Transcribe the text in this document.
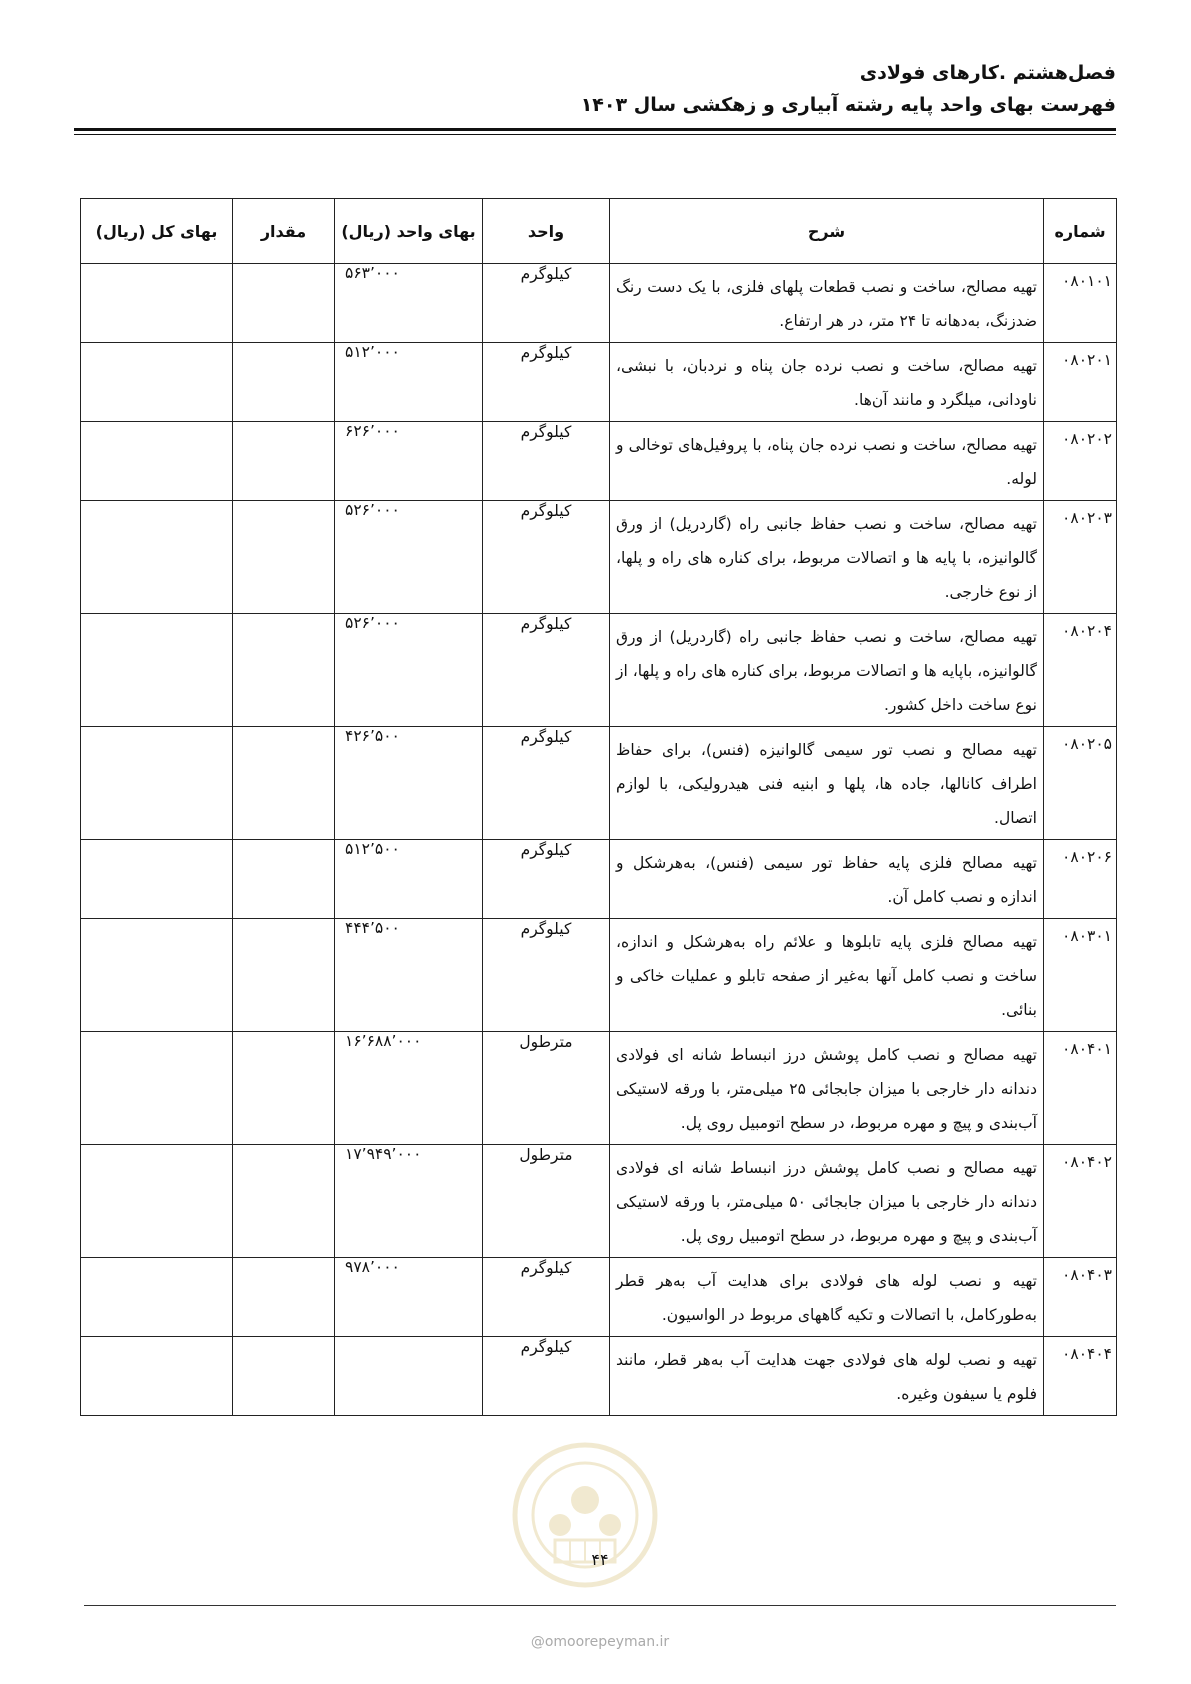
فصل‌هشتم .کارهای فولادی
فهرست بهای واحد پایه رشته آبیاری و زهکشی سال ۱۴۰۳
شماره	شرح	واحد	بهای واحد (ریال)	مقدار	بهای کل (ریال)
۰۸۰۱۰۱	تهیه مصالح، ساخت و نصب قطعات پلهای فلزی، با یک دست رنگ ضدزنگ، بەدهانه تا ۲۴ متر، در هر ارتفاع.	کیلوگرم	۵۶۳٬۰۰۰		
۰۸۰۲۰۱	تهیه مصالح، ساخت و نصب نرده جان پناه و نردبان، با نبشی، ناودانی، میلگرد و مانند آن‌ها.	کیلوگرم	۵۱۲٬۰۰۰		
۰۸۰۲۰۲	تهیه مصالح، ساخت و نصب نرده جان پناه، با پروفیل‌های توخالی و لوله.	کیلوگرم	۶۲۶٬۰۰۰		
۰۸۰۲۰۳	تهیه مصالح، ساخت و نصب حفاظ جانبی راه (گاردریل) از ورق گالوانیزه، با پایه ها و اتصالات مربوط، برای کناره های راه و پلها، از نوع خارجی.	کیلوگرم	۵۲۶٬۰۰۰		
۰۸۰۲۰۴	تهیه مصالح، ساخت و نصب حفاظ جانبی راه (گاردریل) از ورق گالوانیزه، باپایه ها و اتصالات مربوط، برای کناره های راه و پلها، از نوع ساخت داخل کشور.	کیلوگرم	۵۲۶٬۰۰۰		
۰۸۰۲۰۵	تهیه مصالح و نصب تور سیمی گالوانیزه (فنس)، برای حفاظ اطراف کانالها، جاده ها، پلها و ابنیه فنی هیدرولیکی، با لوازم اتصال.	کیلوگرم	۴۲۶٬۵۰۰		
۰۸۰۲۰۶	تهیه مصالح فلزی پایه حفاظ تور سیمی (فنس)، به‌هرشکل و اندازه و نصب کامل آن.	کیلوگرم	۵۱۲٬۵۰۰		
۰۸۰۳۰۱	تهیه مصالح فلزی پایه تابلوها و علائم راه به‌هرشکل و اندازه، ساخت و نصب کامل آنها به‌غیر از صفحه تابلو و عملیات خاکی و بنائی.	کیلوگرم	۴۴۴٬۵۰۰		
۰۸۰۴۰۱	تهیه مصالح و نصب کامل پوشش درز انبساط شانه ای فولادی دندانه دار خارجی با میزان جابجائی ۲۵ میلی‌متر، با ورقه لاستیکی آب‌بندی و پیچ و مهره مربوط، در سطح اتومبیل روی پل.	مترطول	۱۶٬۶۸۸٬۰۰۰		
۰۸۰۴۰۲	تهیه مصالح و نصب کامل پوشش درز انبساط شانه ای فولادی دندانه دار خارجی با میزان جابجائی ۵۰ میلی‌متر، با ورقه لاستیکی آب‌بندی و پیچ و مهره مربوط، در سطح اتومبیل روی پل.	مترطول	۱۷٬۹۴۹٬۰۰۰		
۰۸۰۴۰۳	تهیه و نصب لوله های فولادی برای هدایت آب به‌هر قطر به‌طورکامل، با اتصالات و تکیه گاههای مربوط در الواسیون.	کیلوگرم	۹۷۸٬۰۰۰		
۰۸۰۴۰۴	تهیه و نصب لوله های فولادی جهت هدایت آب به‌هر قطر، مانند فلوم یا سیفون وغیره.	کیلوگرم			
۴۴
@omoorepeyman.ir
